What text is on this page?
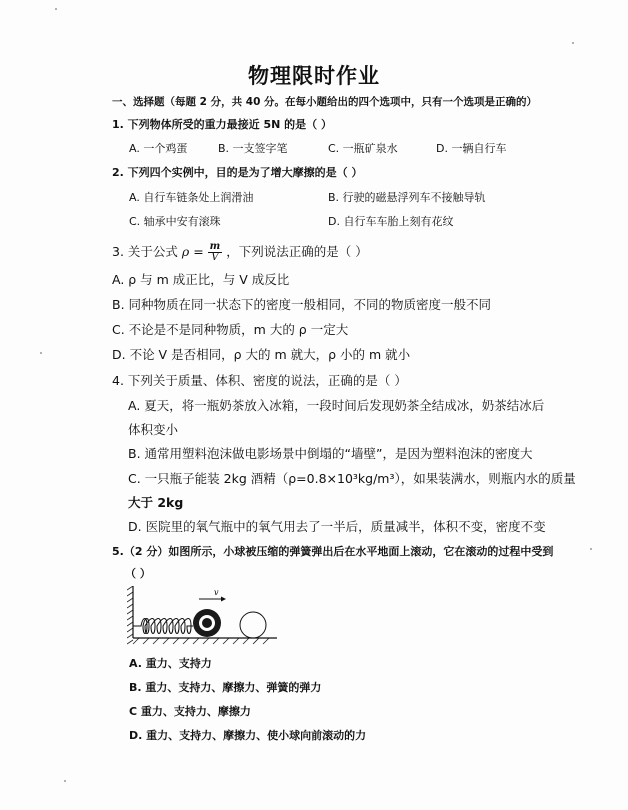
物理限时作业
一、选择题（每题 2 分，共 40 分。在每小题给出的四个选项中，只有一个选项是正确的）
1. 下列物体所受的重力最接近 5N 的是（ ）
A. 一个鸡蛋	B. 一支签字笔	C. 一瓶矿泉水	D. 一辆自行车
2. 下列四个实例中，目的是为了增大摩擦的是（ ）
A. 自行车链条处上润滑油	B. 行驶的磁悬浮列车不接触导轨
C. 轴承中安有滚珠	D. 自行车车胎上刻有花纹
3. 关于公式 $\rho = \frac{m}{V}$ ，下列说法正确的是（ ）
A. ρ 与 m 成正比，与 V 成反比
B. 同种物质在同一状态下的密度一般相同，不同的物质密度一般不同
C. 不论是不是同种物质，m 大的 ρ 一定大
D. 不论 V 是否相同，ρ 大的 m 就大，ρ 小的 m 就小
4. 下列关于质量、体积、密度的说法，正确的是（ ）
A. 夏天，将一瓶奶茶放入冰箱，一段时间后发现奶茶全结成冰，奶茶结冰后
体积变小
B. 通常用塑料泡沫做电影场景中倒塌的“墙壁”，是因为塑料泡沫的密度大
C. 一只瓶子能装 2kg 酒精（ρ=0.8×10³kg/m³），如果装满水，则瓶内水的质量
大于 2kg
D. 医院里的氧气瓶中的氧气用去了一半后，质量减半，体积不变，密度不变
5.（2 分）如图所示，小球被压缩的弹簧弹出后在水平地面上滚动，它在滚动的过程中受到
（ ）
v
A. 重力、支持力
B. 重力、支持力、摩擦力、弹簧的弹力
C 重力、支持力、摩擦力
D. 重力、支持力、摩擦力、使小球向前滚动的力
